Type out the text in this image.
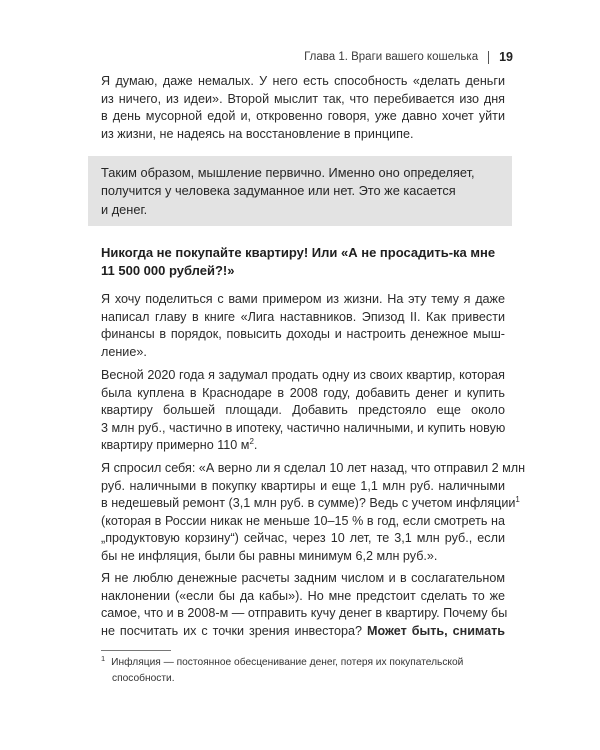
Глава 1. Враги вашего кошелька 19
Я думаю, даже немалых. У него есть способность «делать деньги
из ничего, из идеи». Второй мыслит так, что перебивается изо дня
в день мусорной едой и, откровенно говоря, уже давно хочет уйти
из жизни, не надеясь на восстановление в принципе.
Таким образом, мышление первично. Именно оно определяет,
получится у человека задуманное или нет. Это же касается
и денег.
Никогда не покупайте квартиру! Или «А не просадить-ка мне
11 500 000 рублей?!»
Я хочу поделиться с вами примером из жизни. На эту тему я даже
написал главу в книге «Лига наставников. Эпизод II. Как привести
финансы в порядок, повысить доходы и настроить денежное мыш-
ление».
Весной 2020 года я задумал продать одну из своих квартир, которая
была куплена в Краснодаре в 2008 году, добавить денег и купить
квартиру большей площади. Добавить предстояло еще около
3 млн руб., частично в ипотеку, частично наличными, и купить новую
квартиру примерно 110 $м^2$.
Я спросил себя: «А верно ли я сделал 10 лет назад, что отправил 2 млн
руб. наличными в покупку квартиры и еще 1,1 млн руб. наличными
в недешевый ремонт (3,1 млн руб. в сумме)? Ведь с учетом инфляции$^1$
(которая в России никак не меньше 10–15 % в год, если смотреть на
„продуктовую корзину“) сейчас, через 10 лет, те 3,1 млн руб., если
бы не инфляция, были бы равны минимум 6,2 млн руб.».
Я не люблю денежные расчеты задним числом и в сослагательном
наклонении («если бы да кабы»). Но мне предстоит сделать то же
самое, что и в 2008-м — отправить кучу денег в квартиру. Почему бы
не посчитать их с точки зрения инвестора? Может быть, снимать
$^1$ Инфляция — постоянное обесценивание денег, потеря их покупательской
способности.
